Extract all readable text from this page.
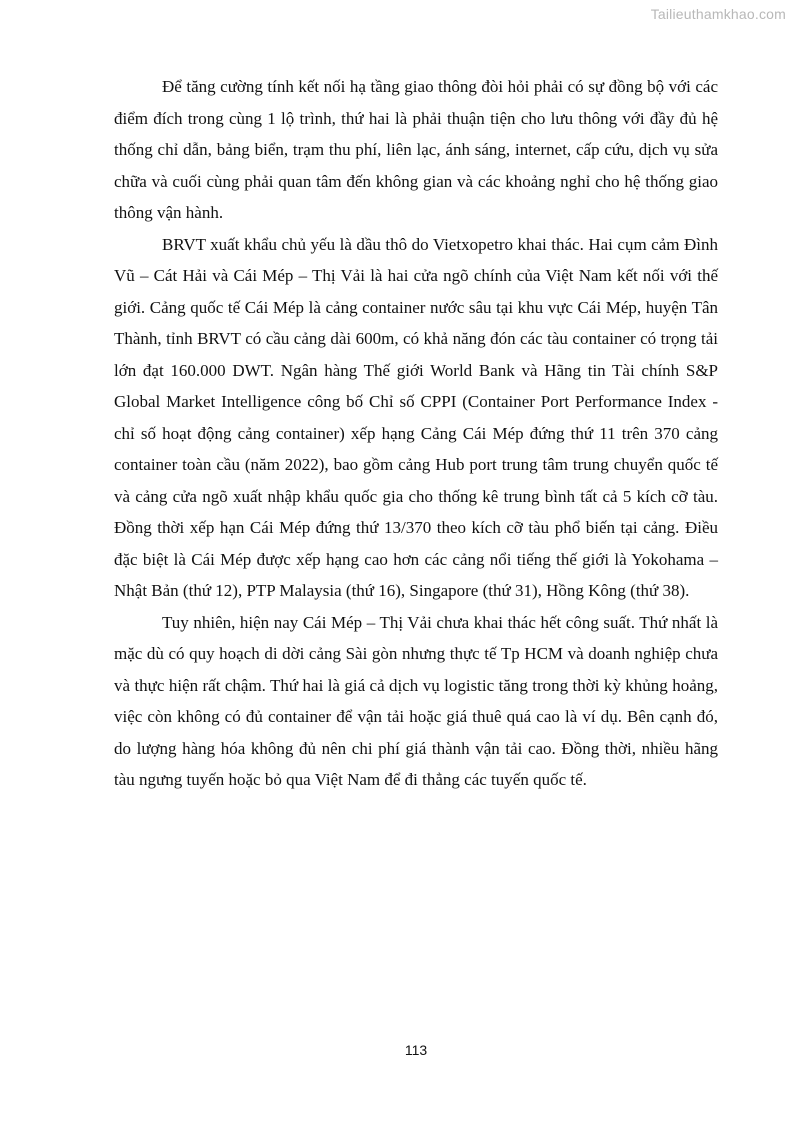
Tailieuthamkhao.com

Để tăng cường tính kết nối hạ tầng giao thông đòi hỏi phải có sự đồng bộ với các điểm đích trong cùng 1 lộ trình, thứ hai là phải thuận tiện cho lưu thông với đầy đủ hệ thống chỉ dẫn, bảng biển, trạm thu phí, liên lạc, ánh sáng, internet, cấp cứu, dịch vụ sửa chữa và cuối cùng phải quan tâm đến không gian và các khoảng nghỉ cho hệ thống giao thông vận hành.

BRVT xuất khẩu chủ yếu là dầu thô do Vietxopetro khai thác. Hai cụm cảm Đình Vũ – Cát Hải và Cái Mép – Thị Vải là hai cửa ngõ chính của Việt Nam kết nối với thế giới. Cảng quốc tế Cái Mép là cảng container nước sâu tại khu vực Cái Mép, huyện Tân Thành, tỉnh BRVT có cầu cảng dài 600m, có khả năng đón các tàu container có trọng tải lớn đạt 160.000 DWT. Ngân hàng Thế giới World Bank và Hãng tin Tài chính S&P Global Market Intelligence công bố Chỉ số CPPI (Container Port Performance Index - chỉ số hoạt động cảng container) xếp hạng Cảng Cái Mép đứng thứ 11 trên 370 cảng container toàn cầu (năm 2022), bao gồm cảng Hub port trung tâm trung chuyển quốc tế và cảng cửa ngõ xuất nhập khẩu quốc gia cho thống kê trung bình tất cả 5 kích cỡ tàu. Đồng thời xếp hạn Cái Mép đứng thứ 13/370 theo kích cỡ tàu phổ biến tại cảng. Điều đặc biệt là Cái Mép được xếp hạng cao hơn các cảng nổi tiếng thế giới là Yokohama – Nhật Bản (thứ 12), PTP Malaysia (thứ 16), Singapore (thứ 31), Hồng Kông (thứ 38).

Tuy nhiên, hiện nay Cái Mép – Thị Vải chưa khai thác hết công suất. Thứ nhất là mặc dù có quy hoạch di dời cảng Sài gòn nhưng thực tế Tp HCM và doanh nghiệp chưa và thực hiện rất chậm. Thứ hai là giá cả dịch vụ logistic tăng trong thời kỳ khủng hoảng, việc còn không có đủ container để vận tải hoặc giá thuê quá cao là ví dụ. Bên cạnh đó, do lượng hàng hóa không đủ nên chi phí giá thành vận tải cao. Đồng thời, nhiều hãng tàu ngưng tuyến hoặc bỏ qua Việt Nam để đi thẳng các tuyến quốc tế.

113
